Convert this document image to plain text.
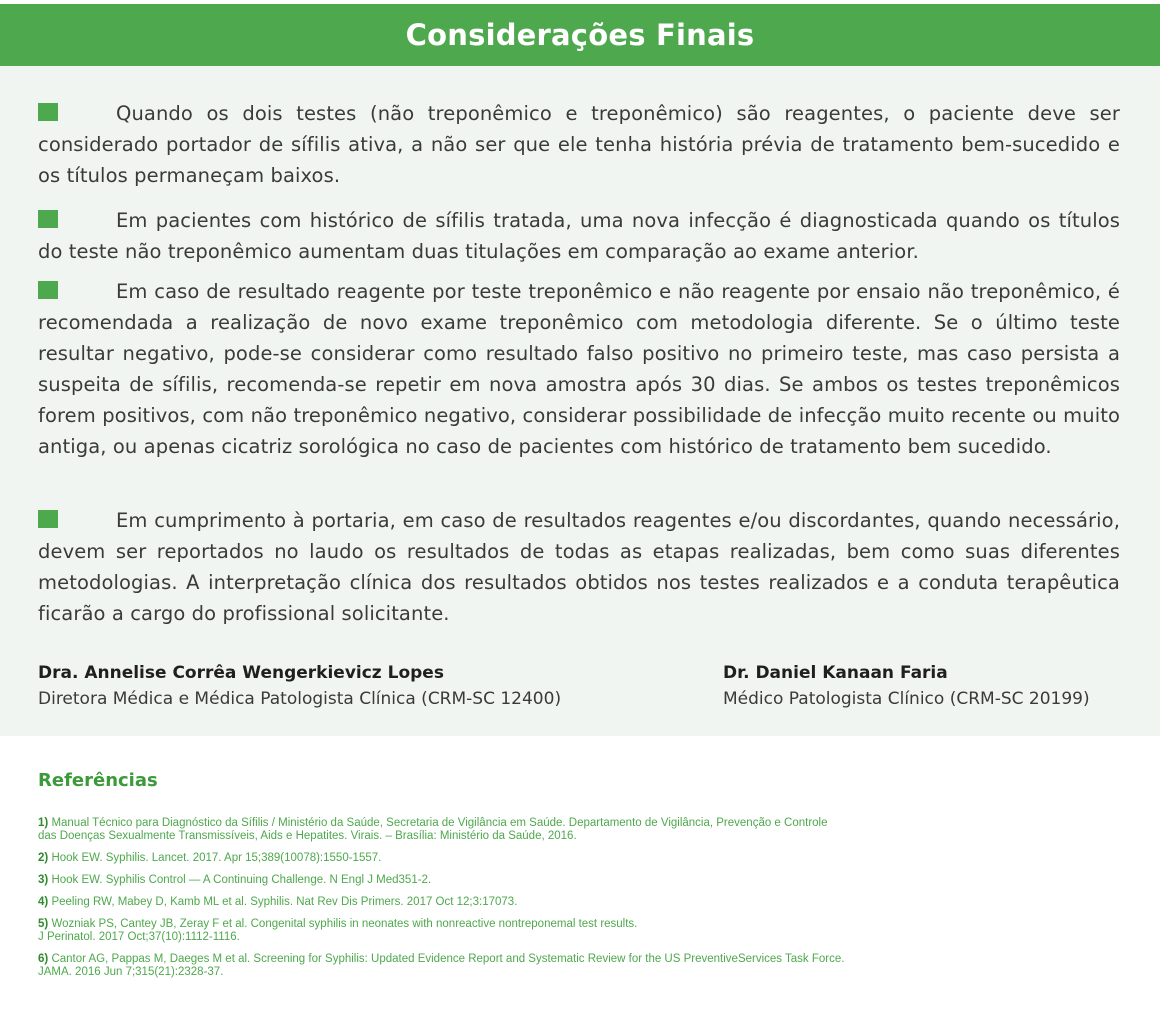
Considerações Finais

Quando os dois testes (não treponêmico e treponêmico) são reagentes, o paciente deve ser considerado portador de sífilis ativa, a não ser que ele tenha história prévia de tratamento bem-sucedido e os títulos permaneçam baixos.

Em pacientes com histórico de sífilis tratada, uma nova infecção é diagnosticada quando os títulos do teste não treponêmico aumentam duas titulações em comparação ao exame anterior.

Em caso de resultado reagente por teste treponêmico e não reagente por ensaio não treponêmico, é recomendada a realização de novo exame treponêmico com metodologia diferente. Se o último teste resultar negativo, pode-se considerar como resultado falso positivo no primeiro teste, mas caso persista a suspeita de sífilis, recomenda-se repetir em nova amostra após 30 dias. Se ambos os testes treponêmicos forem positivos, com não treponêmico negativo, considerar possibilidade de infecção muito recente ou muito antiga, ou apenas cicatriz sorológica no caso de pacientes com histórico de tratamento bem sucedido.

Em cumprimento à portaria, em caso de resultados reagentes e/ou discordantes, quando necessário, devem ser reportados no laudo os resultados de todas as etapas realizadas, bem como suas diferentes metodologias. A interpretação clínica dos resultados obtidos nos testes realizados e a conduta terapêutica ficarão a cargo do profissional solicitante.

Dra. Annelise Corrêa Wengerkievicz Lopes
Diretora Médica e Médica Patologista Clínica (CRM-SC 12400)
Dr. Daniel Kanaan Faria
Médico Patologista Clínico (CRM-SC 20199)
Referências
1) Manual Técnico para Diagnóstico da Sífilis / Ministério da Saúde, Secretaria de Vigilância em Saúde. Departamento de Vigilância, Prevenção e Controle
das Doenças Sexualmente Transmissíveis, Aids e Hepatites. Virais. – Brasília: Ministério da Saúde, 2016.
2) Hook EW. Syphilis. Lancet. 2017. Apr 15;389(10078):1550-1557.
3) Hook EW. Syphilis Control — A Continuing Challenge. N Engl J Med351-2.
4) Peeling RW, Mabey D, Kamb ML et al. Syphilis. Nat Rev Dis Primers. 2017 Oct 12;3:17073.
5) Wozniak PS, Cantey JB, Zeray F et al. Congenital syphilis in neonates with nonreactive nontreponemal test results.
J Perinatol. 2017 Oct;37(10):1112-1116.
6) Cantor AG, Pappas M, Daeges M et al. Screening for Syphilis: Updated Evidence Report and Systematic Review for the US PreventiveServices Task Force.
JAMA. 2016 Jun 7;315(21):2328-37.
